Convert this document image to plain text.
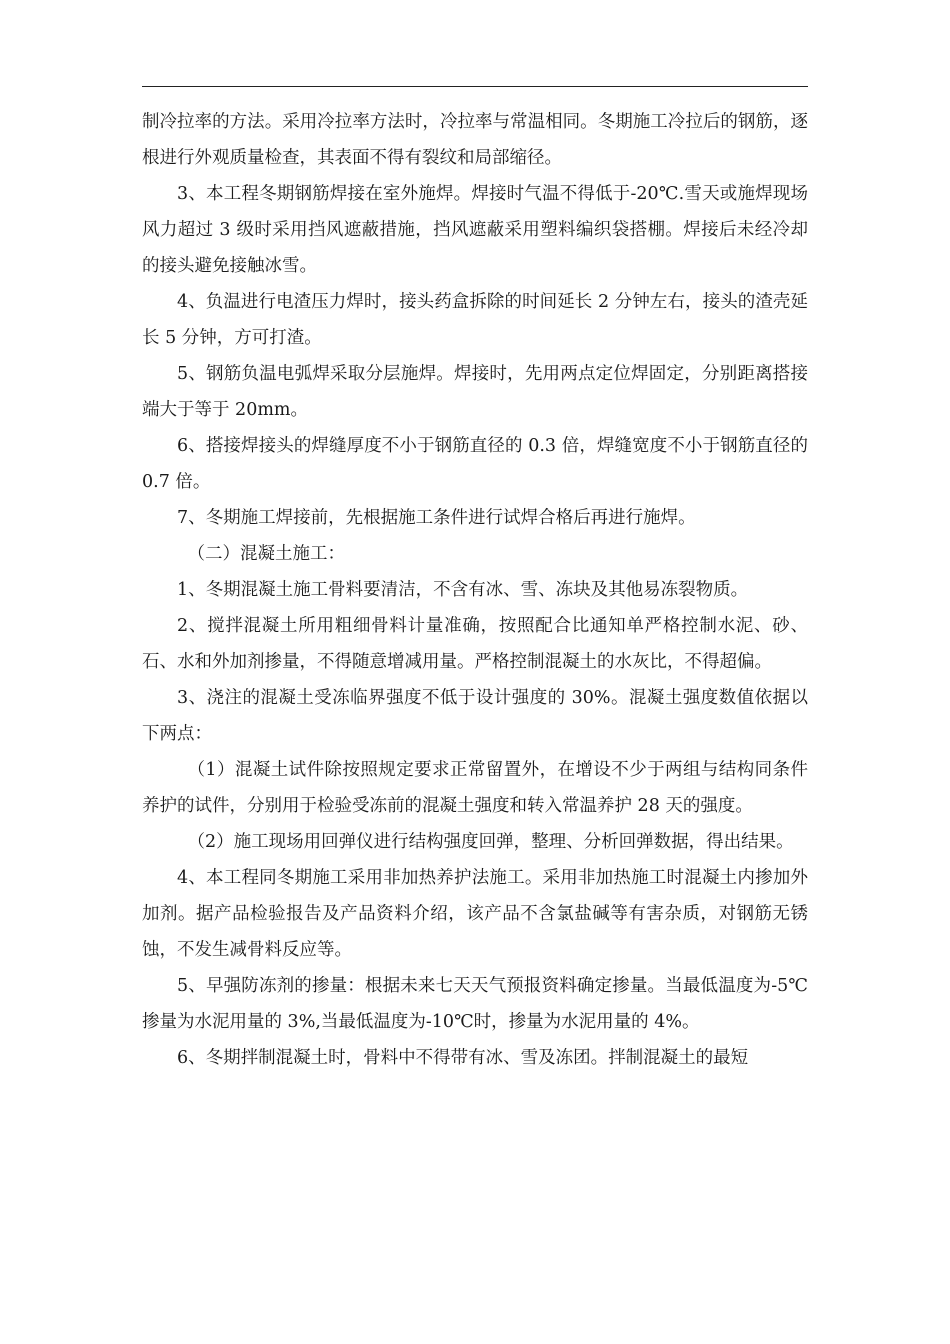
制冷拉率的方法。采用冷拉率方法时，冷拉率与常温相同。冬期施工冷拉后的钢筋，逐根进行外观质量检查，其表面不得有裂纹和局部缩径。

3、本工程冬期钢筋焊接在室外施焊。焊接时气温不得低于-20℃.雪天或施焊现场风力超过 3 级时采用挡风遮蔽措施，挡风遮蔽采用塑料编织袋搭棚。焊接后未经冷却的接头避免接触冰雪。

4、负温进行电渣压力焊时，接头药盒拆除的时间延长 2 分钟左右，接头的渣壳延长 5 分钟，方可打渣。

5、钢筋负温电弧焊采取分层施焊。焊接时，先用两点定位焊固定，分别距离搭接端大于等于 20mm。

6、搭接焊接头的焊缝厚度不小于钢筋直径的 0.3 倍，焊缝宽度不小于钢筋直径的 0.7 倍。

7、冬期施工焊接前，先根据施工条件进行试焊合格后再进行施焊。

（二）混凝土施工：

1、冬期混凝土施工骨料要清洁，不含有冰、雪、冻块及其他易冻裂物质。

2、搅拌混凝土所用粗细骨料计量准确，按照配合比通知单严格控制水泥、砂、石、水和外加剂掺量，不得随意增减用量。严格控制混凝土的水灰比，不得超偏。

3、浇注的混凝土受冻临界强度不低于设计强度的 30%。混凝土强度数值依据以下两点：

（1）混凝土试件除按照规定要求正常留置外，在增设不少于两组与结构同条件养护的试件，分别用于检验受冻前的混凝土强度和转入常温养护 28 天的强度。

（2）施工现场用回弹仪进行结构强度回弹，整理、分析回弹数据，得出结果。

4、本工程同冬期施工采用非加热养护法施工。采用非加热施工时混凝土内掺加外加剂。据产品检验报告及产品资料介绍，该产品不含氯盐碱等有害杂质，对钢筋无锈蚀，不发生减骨料反应等。

5、早强防冻剂的掺量：根据未来七天天气预报资料确定掺量。当最低温度为-5℃掺量为水泥用量的 3%,当最低温度为-10℃时，掺量为水泥用量的 4%。

6、冬期拌制混凝土时，骨料中不得带有冰、雪及冻团。拌制混凝土的最短
